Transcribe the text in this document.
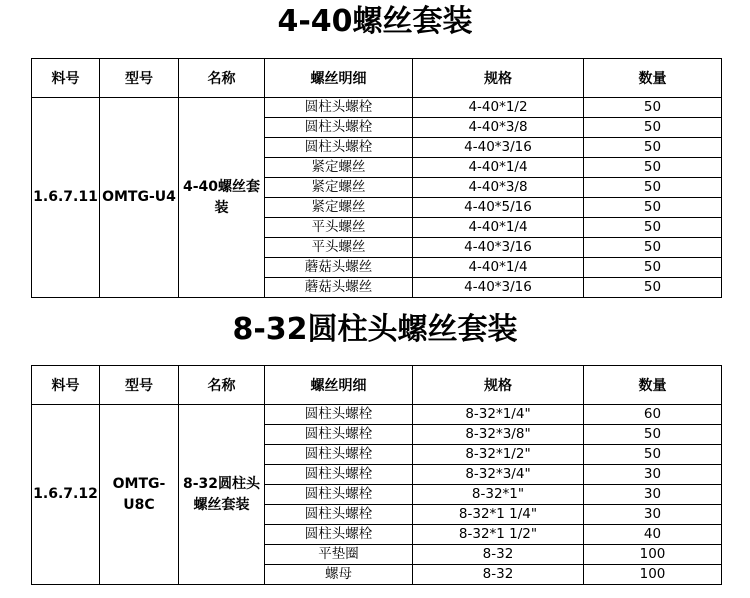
4-40螺丝套装
料号	型号	名称	螺丝明细	规格	数量
1.6.7.11	OMTG-U4	4-40螺丝套装	圆柱头螺栓	4-40*1/2	50
			圆柱头螺栓	4-40*3/8	50
			圆柱头螺栓	4-40*3/16	50
			紧定螺丝	4-40*1/4	50
			紧定螺丝	4-40*3/8	50
			紧定螺丝	4-40*5/16	50
			平头螺丝	4-40*1/4	50
			平头螺丝	4-40*3/16	50
			蘑菇头螺丝	4-40*1/4	50
			蘑菇头螺丝	4-40*3/16	50
8-32圆柱头螺丝套装
料号	型号	名称	螺丝明细	规格	数量
1.6.7.12	OMTG-U8C	8-32圆柱头螺丝套装	圆柱头螺栓	8-32*1/4"	60
			圆柱头螺栓	8-32*3/8"	50
			圆柱头螺栓	8-32*1/2"	50
			圆柱头螺栓	8-32*3/4"	30
			圆柱头螺栓	8-32*1"	30
			圆柱头螺栓	8-32*1 1/4"	30
			圆柱头螺栓	8-32*1 1/2"	40
			平垫圈	8-32	100
			螺母	8-32	100
